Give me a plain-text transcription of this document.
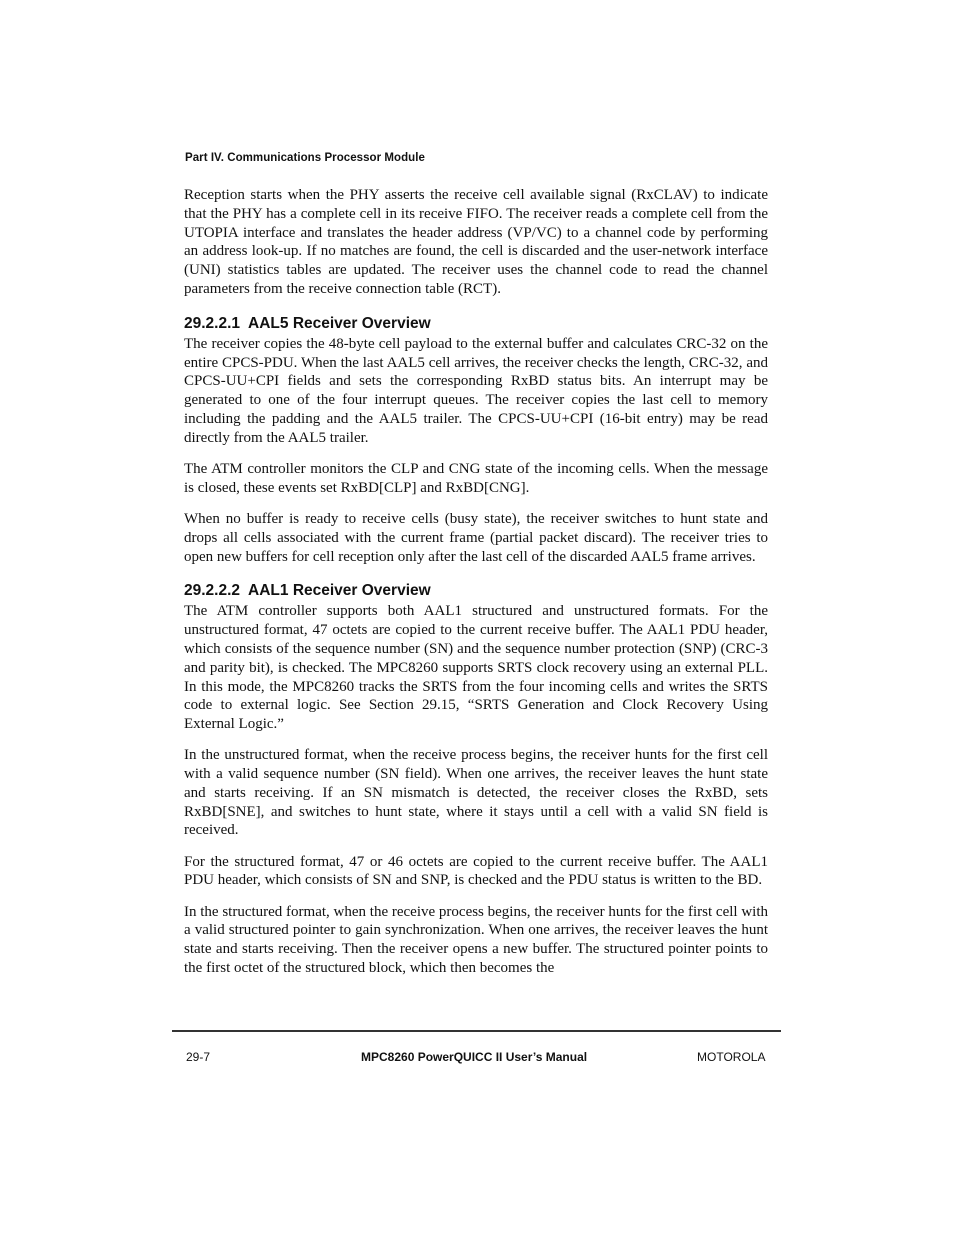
Part IV. Communications Processor Module

Reception starts when the PHY asserts the receive cell available signal (RxCLAV) to indicate that the PHY has a complete cell in its receive FIFO. The receiver reads a complete cell from the UTOPIA interface and translates the header address (VP/VC) to a channel code by performing an address look-up. If no matches are found, the cell is discarded and the user-network interface (UNI) statistics tables are updated. The receiver uses the channel code to read the channel parameters from the receive connection table (RCT).

29.2.2.1 AAL5 Receiver Overview

The receiver copies the 48-byte cell payload to the external buffer and calculates CRC-32 on the entire CPCS-PDU. When the last AAL5 cell arrives, the receiver checks the length, CRC-32, and CPCS-UU+CPI fields and sets the corresponding RxBD status bits. An interrupt may be generated to one of the four interrupt queues. The receiver copies the last cell to memory including the padding and the AAL5 trailer. The CPCS-UU+CPI (16-bit entry) may be read directly from the AAL5 trailer.

The ATM controller monitors the CLP and CNG state of the incoming cells. When the message is closed, these events set RxBD[CLP] and RxBD[CNG].

When no buffer is ready to receive cells (busy state), the receiver switches to hunt state and drops all cells associated with the current frame (partial packet discard). The receiver tries to open new buffers for cell reception only after the last cell of the discarded AAL5 frame arrives.

29.2.2.2 AAL1 Receiver Overview

The ATM controller supports both AAL1 structured and unstructured formats. For the unstructured format, 47 octets are copied to the current receive buffer. The AAL1 PDU header, which consists of the sequence number (SN) and the sequence number protection (SNP) (CRC-3 and parity bit), is checked. The MPC8260 supports SRTS clock recovery using an external PLL. In this mode, the MPC8260 tracks the SRTS from the four incoming cells and writes the SRTS code to external logic. See Section 29.15, “SRTS Generation and Clock Recovery Using External Logic.”

In the unstructured format, when the receive process begins, the receiver hunts for the first cell with a valid sequence number (SN field). When one arrives, the receiver leaves the hunt state and starts receiving. If an SN mismatch is detected, the receiver closes the RxBD, sets RxBD[SNE], and switches to hunt state, where it stays until a cell with a valid SN field is received.

For the structured format, 47 or 46 octets are copied to the current receive buffer. The AAL1 PDU header, which consists of SN and SNP, is checked and the PDU status is written to the BD.

In the structured format, when the receive process begins, the receiver hunts for the first cell with a valid structured pointer to gain synchronization. When one arrives, the receiver leaves the hunt state and starts receiving. Then the receiver opens a new buffer. The structured pointer points to the first octet of the structured block, which then becomes the

29-7	MPC8260 PowerQUICC II User’s Manual	MOTOROLA
